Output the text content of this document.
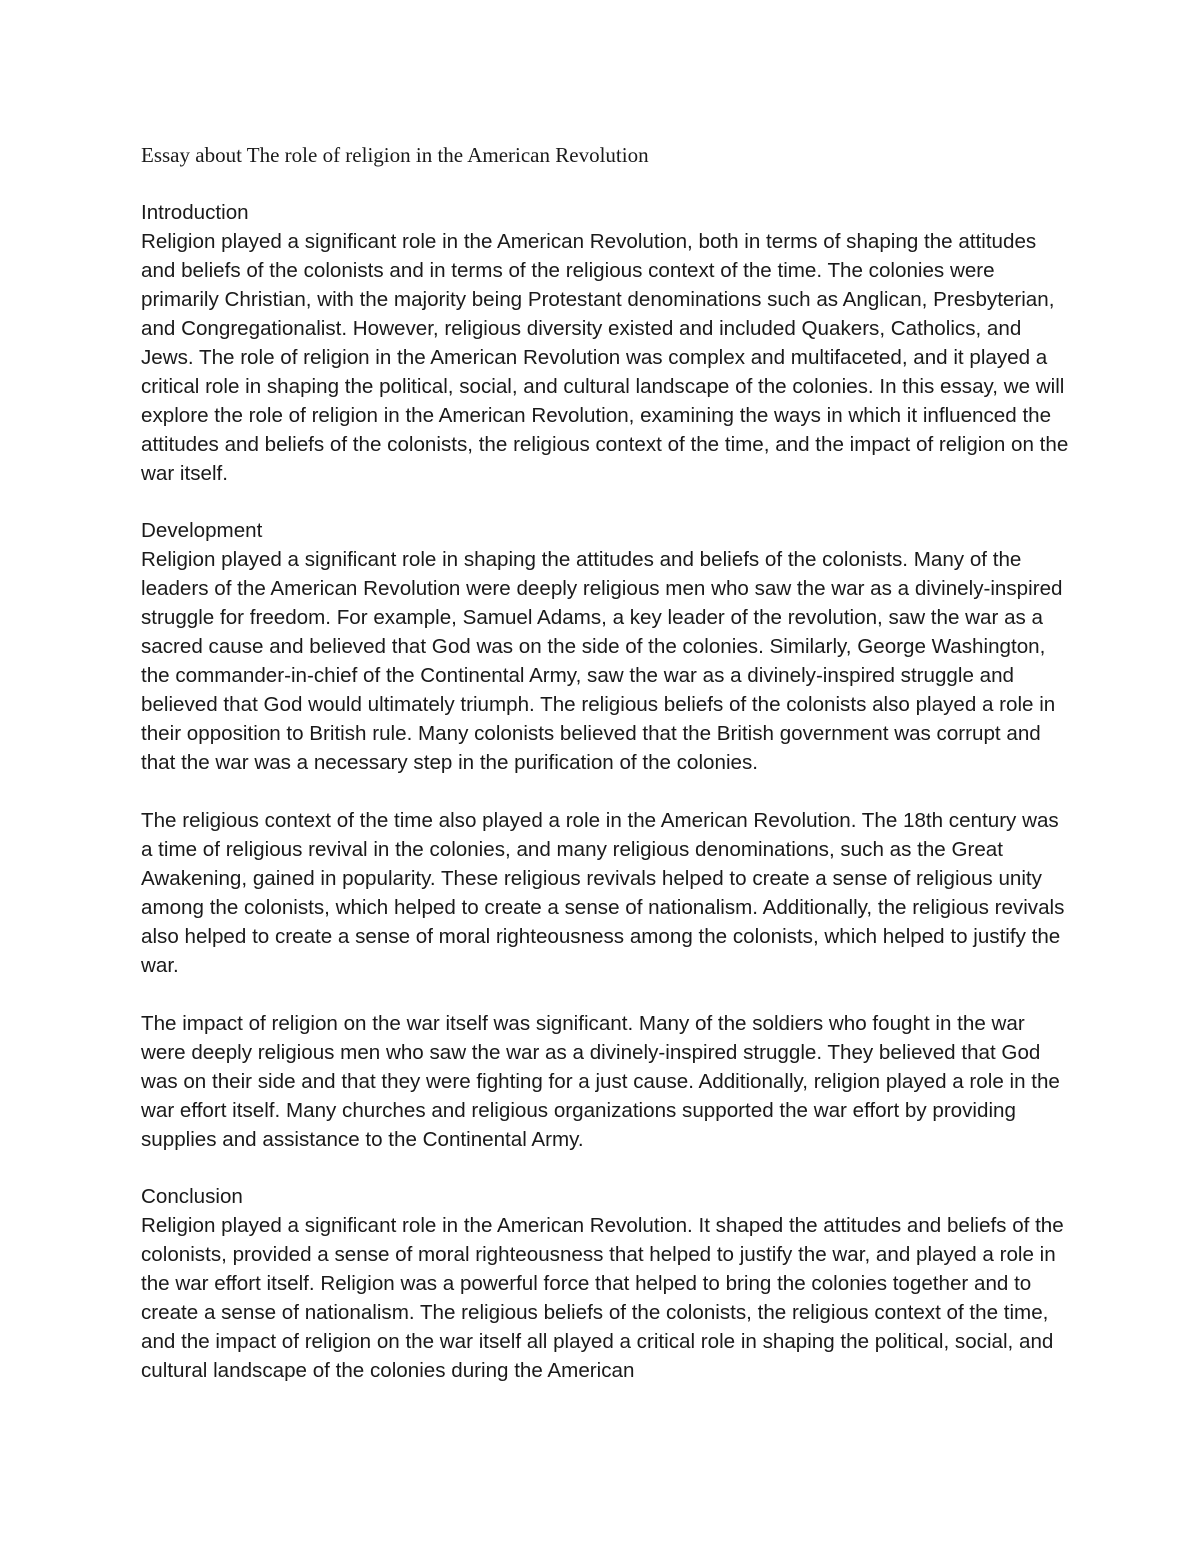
Essay about The role of religion in the American Revolution

Introduction

Religion played a significant role in the American Revolution, both in terms of shaping the attitudes and beliefs of the colonists and in terms of the religious context of the time. The colonies were primarily Christian, with the majority being Protestant denominations such as Anglican, Presbyterian, and Congregationalist. However, religious diversity existed and included Quakers, Catholics, and Jews. The role of religion in the American Revolution was complex and multifaceted, and it played a critical role in shaping the political, social, and cultural landscape of the colonies. In this essay, we will explore the role of religion in the American Revolution, examining the ways in which it influenced the attitudes and beliefs of the colonists, the religious context of the time, and the impact of religion on the war itself.

Development

Religion played a significant role in shaping the attitudes and beliefs of the colonists. Many of the leaders of the American Revolution were deeply religious men who saw the war as a divinely-inspired struggle for freedom. For example, Samuel Adams, a key leader of the revolution, saw the war as a sacred cause and believed that God was on the side of the colonies. Similarly, George Washington, the commander-in-chief of the Continental Army, saw the war as a divinely-inspired struggle and believed that God would ultimately triumph. The religious beliefs of the colonists also played a role in their opposition to British rule. Many colonists believed that the British government was corrupt and that the war was a necessary step in the purification of the colonies.

The religious context of the time also played a role in the American Revolution. The 18th century was a time of religious revival in the colonies, and many religious denominations, such as the Great Awakening, gained in popularity. These religious revivals helped to create a sense of religious unity among the colonists, which helped to create a sense of nationalism. Additionally, the religious revivals also helped to create a sense of moral righteousness among the colonists, which helped to justify the war.

The impact of religion on the war itself was significant. Many of the soldiers who fought in the war were deeply religious men who saw the war as a divinely-inspired struggle. They believed that God was on their side and that they were fighting for a just cause. Additionally, religion played a role in the war effort itself. Many churches and religious organizations supported the war effort by providing supplies and assistance to the Continental Army.

Conclusion

Religion played a significant role in the American Revolution. It shaped the attitudes and beliefs of the colonists, provided a sense of moral righteousness that helped to justify the war, and played a role in the war effort itself. Religion was a powerful force that helped to bring the colonies together and to create a sense of nationalism. The religious beliefs of the colonists, the religious context of the time, and the impact of religion on the war itself all played a critical role in shaping the political, social, and cultural landscape of the colonies during the American
